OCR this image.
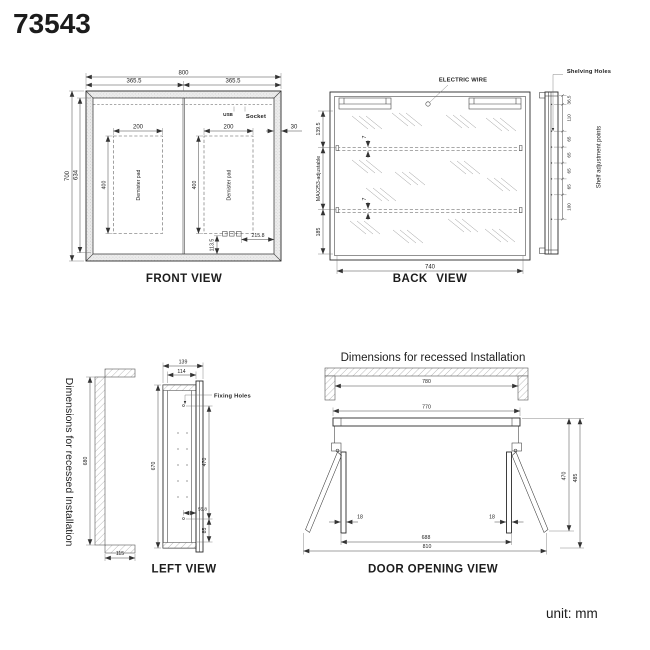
73543
USB Socket
30
Demister pad
200
400	Demister pad
200
400
113.5
215.8
800
365.5	365.5
700 634
FRONT VIEW
ELECTRIC WIRE
7
7
139.5
MAX253-adjustable
185
740
BACK VIEW
Shelving Holes
36.5
110
65
65
65
65
100
Shelf adjustment points
Dimensions for recessed Installation 680
115
Fixing Holes
139
114
670	470
85
55.8
LEFT VIEW
Dimensions for recessed Installation
780
770
18	18
688
810
470 485
DOOR OPENING VIEW
unit: mm
